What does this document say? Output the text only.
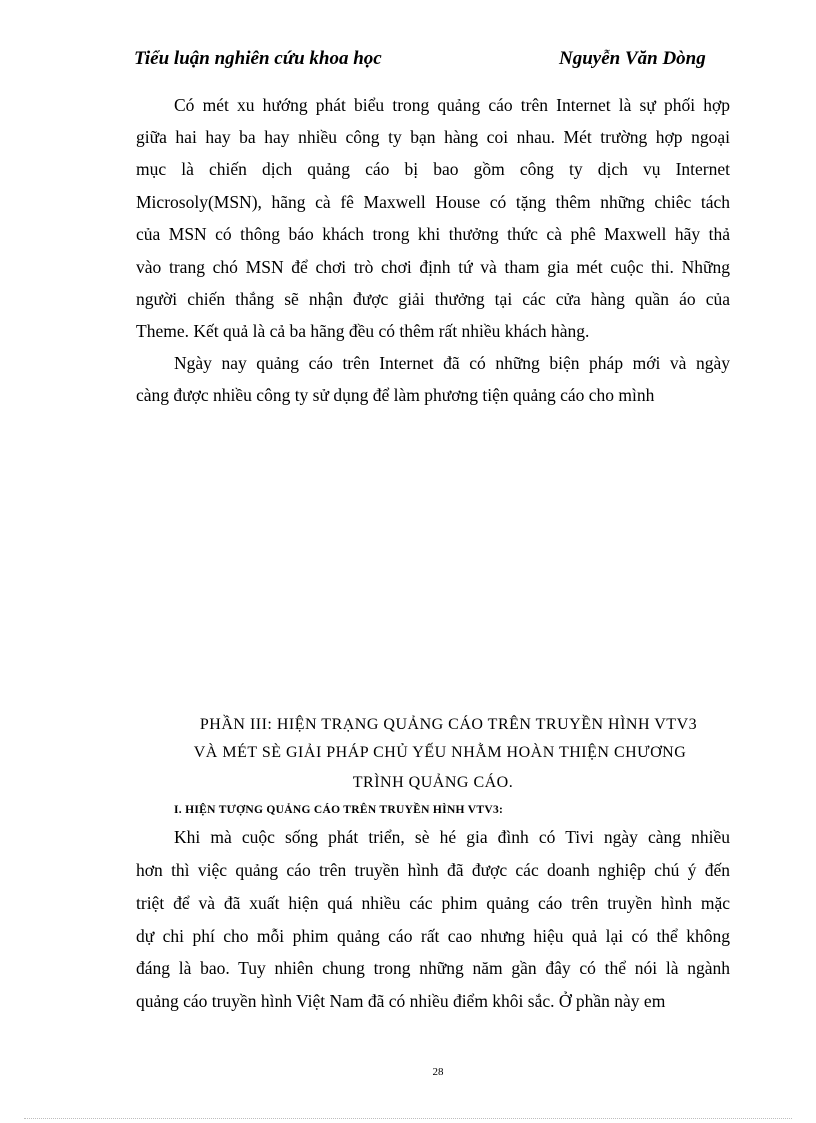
Tiểu luận nghiên cứu khoa học	Nguyễn Văn Dòng
Có mét xu hướng phát biểu trong quảng cáo trên Internet là sự phối hợp
giữa hai hay ba hay nhiều công ty bạn hàng coi nhau. Mét trường hợp ngoại
mục là chiến dịch quảng cáo bị bao gồm công ty dịch vụ Internet
Microsoly(MSN), hãng cà fê Maxwell House có tặng thêm những chiêc tách
của MSN có thông báo khách trong khi thưởng thức cà phê Maxwell hãy thả
vào trang chó MSN để chơi trò chơi định tứ và tham gia mét cuộc thi. Những
người chiến thắng sẽ nhận được giải thưởng tại các cửa hàng quần áo của
Theme. Kết quả là cả ba hãng đều có thêm rất nhiều khách hàng.
Ngày nay quảng cáo trên Internet đã có những biện pháp mới và ngày
càng được nhiều công ty sử dụng để làm phương tiện quảng cáo cho mình
PHẦN III: HIỆN TRẠNG QUẢNG CÁO TRÊN TRUYỀN HÌNH VTV3
VÀ MÉT SÈ GIẢI PHÁP CHỦ YẾU NHẰM HOÀN THIỆN CHƯƠNG
TRÌNH QUẢNG CÁO.
I. HIỆN TƯỢNG QUẢNG CÁO TRÊN TRUYỀN HÌNH VTV3:
Khi mà cuộc sống phát triển, sè hé gia đình có Tivi ngày càng nhiều
hơn thì việc quảng cáo trên truyền hình đã được các doanh nghiệp chú ý đến
triệt để và đã xuất hiện quá nhiều các phim quảng cáo trên truyền hình mặc
dự chi phí cho mỗi phim quảng cáo rất cao nhưng hiệu quả lại có thể không
đáng là bao. Tuy nhiên chung trong những năm gần đây có thể nói là ngành
quảng cáo truyền hình Việt Nam đã có nhiều điểm khôi sắc. Ở phần này em
28
